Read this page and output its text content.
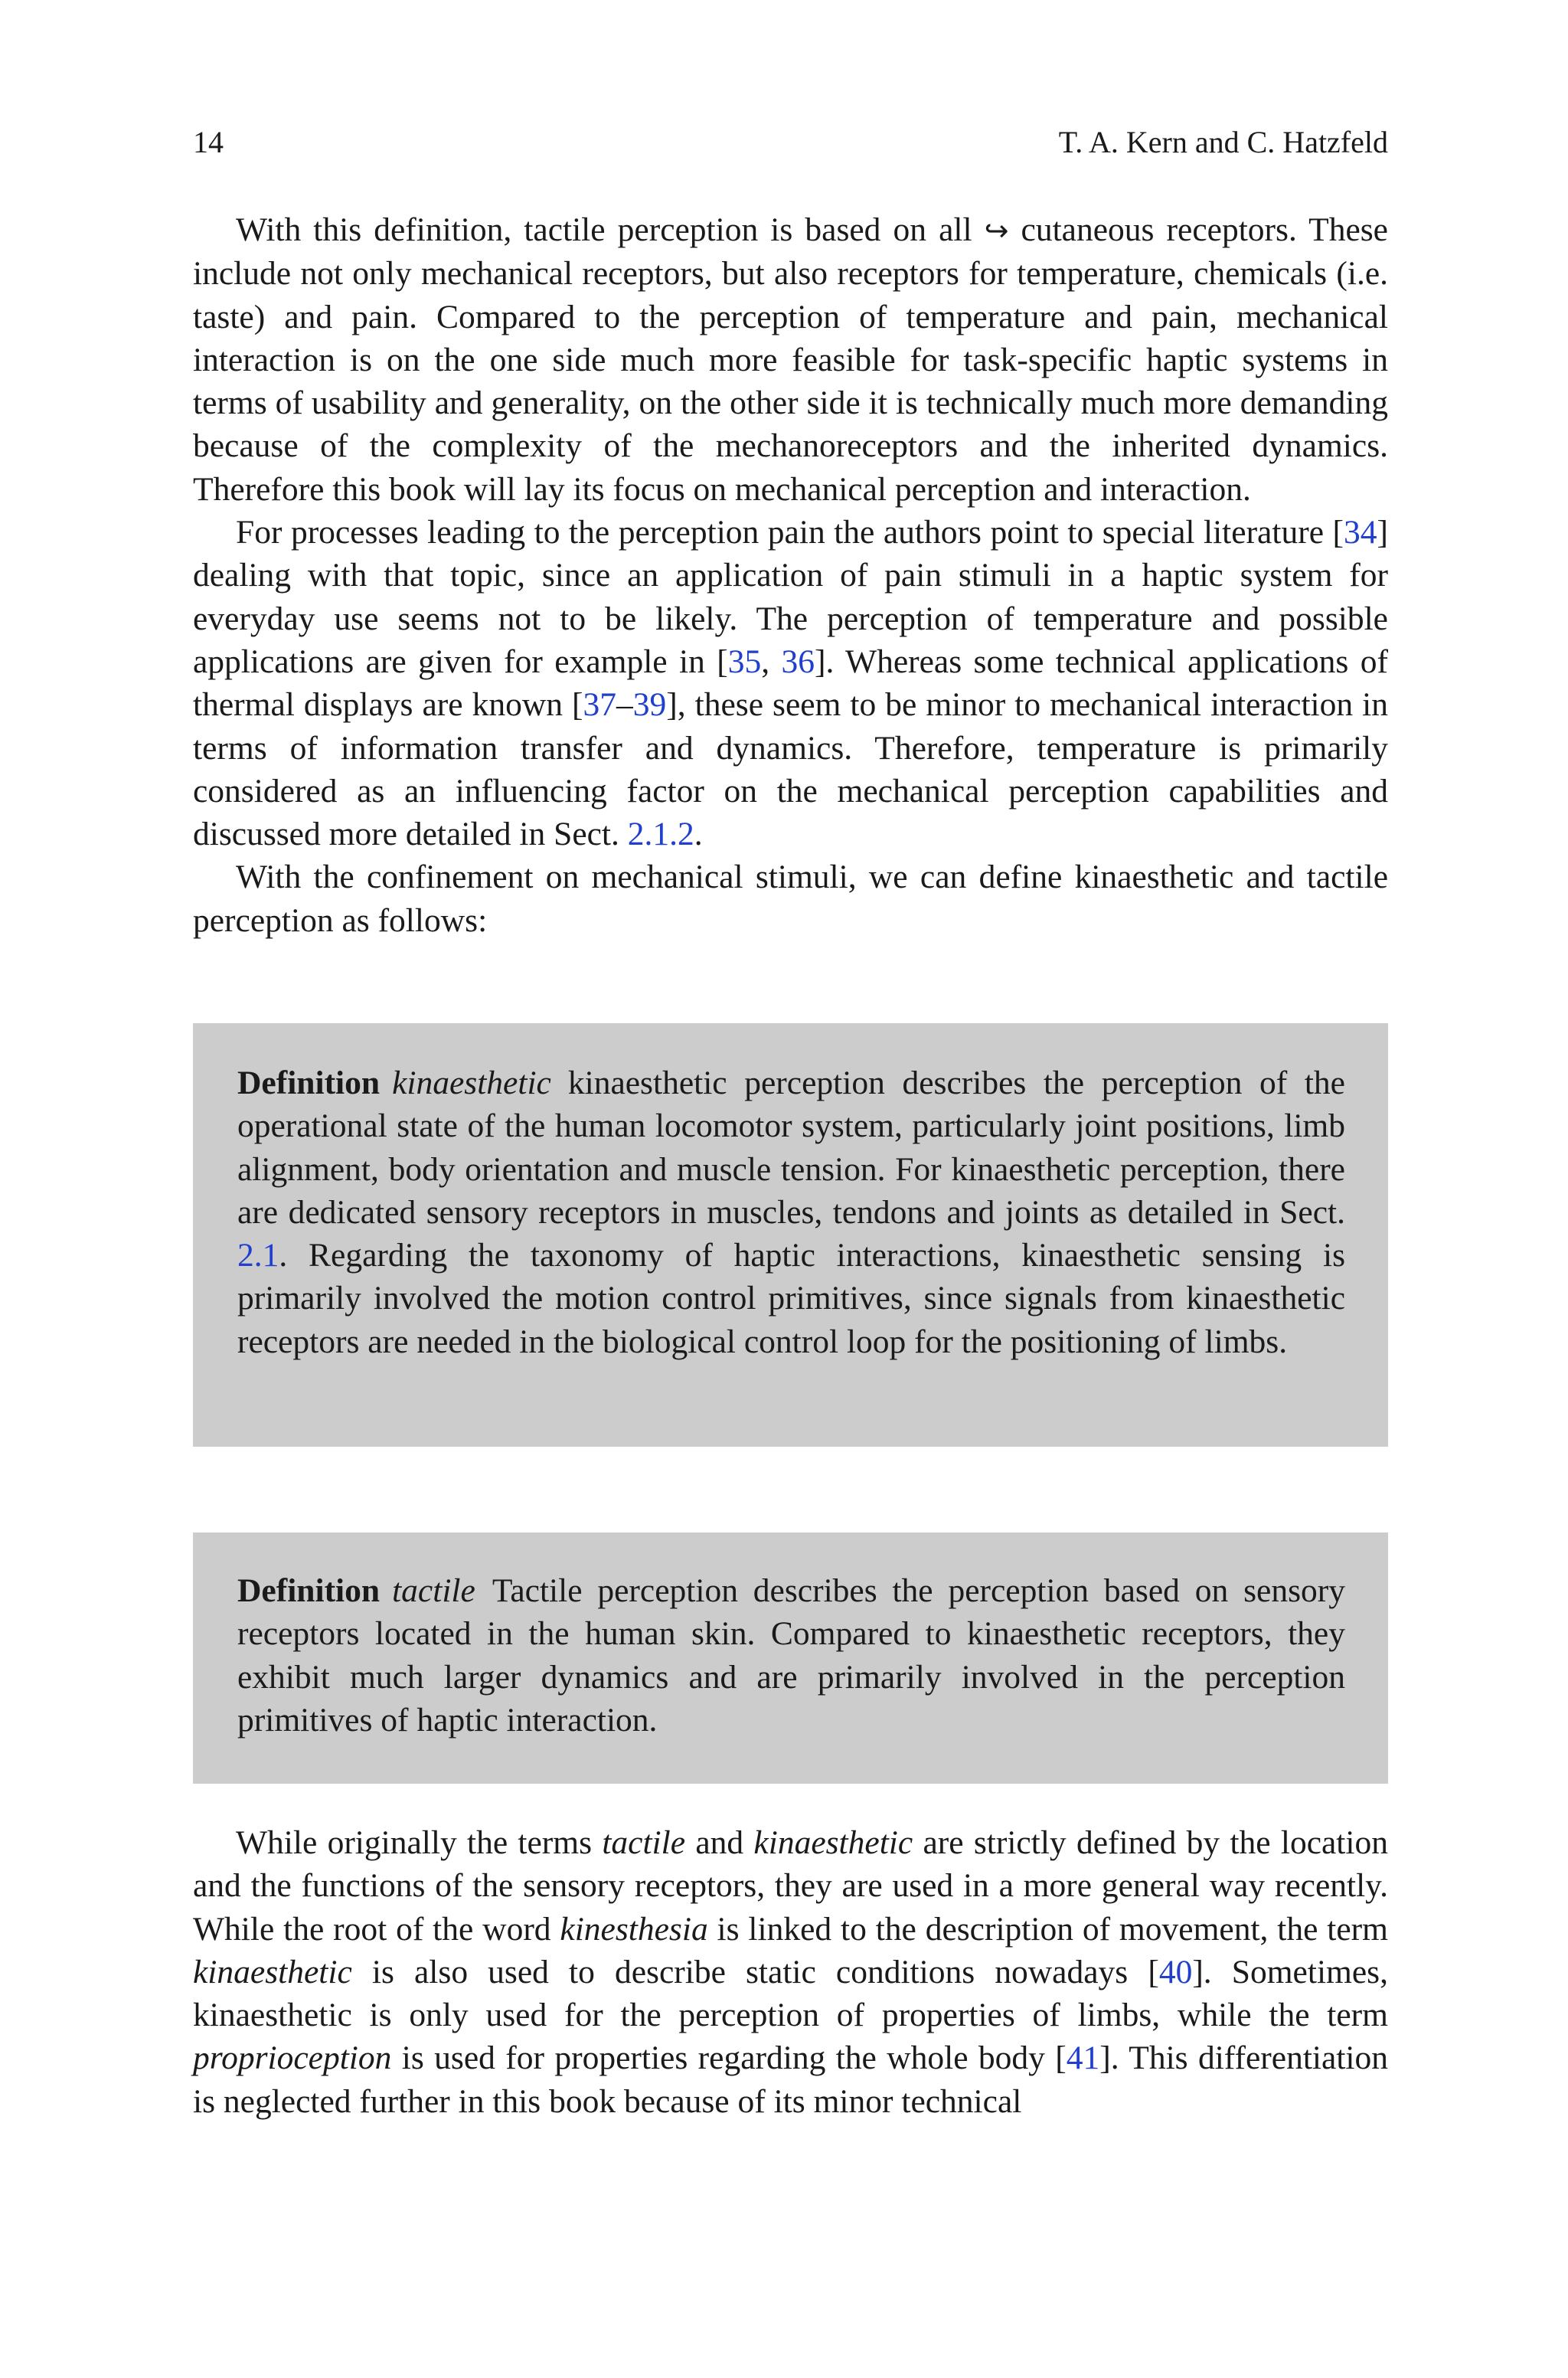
14	T. A. Kern and C. Hatzfeld

With this definition, tactile perception is based on all ↪ cutaneous receptors. These include not only mechanical receptors, but also receptors for temperature, chemicals (i.e. taste) and pain. Compared to the perception of temperature and pain, mechanical interaction is on the one side much more feasible for task-specific haptic systems in terms of usability and generality, on the other side it is technically much more demanding because of the complexity of the mechanoreceptors and the inherited dynamics. Therefore this book will lay its focus on mechanical perception and interaction.

For processes leading to the perception pain the authors point to special literature [34] dealing with that topic, since an application of pain stimuli in a haptic system for everyday use seems not to be likely. The perception of temperature and possible applications are given for example in [35, 36]. Whereas some technical applications of thermal displays are known [37–39], these seem to be minor to mechanical interaction in terms of information transfer and dynamics. Therefore, temperature is primarily considered as an influencing factor on the mechanical perception capabilities and discussed more detailed in Sect. 2.1.2.

With the confinement on mechanical stimuli, we can define kinaesthetic and tactile perception as follows:

Definition kinaesthetic kinaesthetic perception describes the perception of the operational state of the human locomotor system, particularly joint positions, limb alignment, body orientation and muscle tension. For kinaesthetic perception, there are dedicated sensory receptors in muscles, tendons and joints as detailed in Sect. 2.1. Regarding the taxonomy of haptic interactions, kinaesthetic sensing is primarily involved the motion control primitives, since signals from kinaesthetic receptors are needed in the biological control loop for the positioning of limbs.
Definition tactile Tactile perception describes the perception based on sensory receptors located in the human skin. Compared to kinaesthetic receptors, they exhibit much larger dynamics and are primarily involved in the perception primitives of haptic interaction.

While originally the terms tactile and kinaesthetic are strictly defined by the location and the functions of the sensory receptors, they are used in a more general way recently. While the root of the word kinesthesia is linked to the description of movement, the term kinaesthetic is also used to describe static conditions nowadays [40]. Sometimes, kinaesthetic is only used for the perception of properties of limbs, while the term proprioception is used for properties regarding the whole body [41]. This differentiation is neglected further in this book because of its minor technical
